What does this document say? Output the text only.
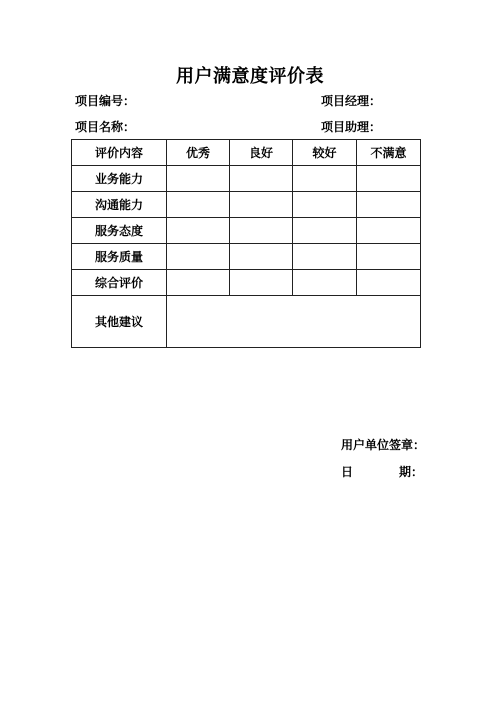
用户满意度评价表
项目编号：	项目经理：
项目名称：	项目助理：
评价内容	优秀	良好	较好	不满意
业务能力				
沟通能力				
服务态度				
服务质量				
综合评价				
其他建议				
用户单位签章：
日	期：
